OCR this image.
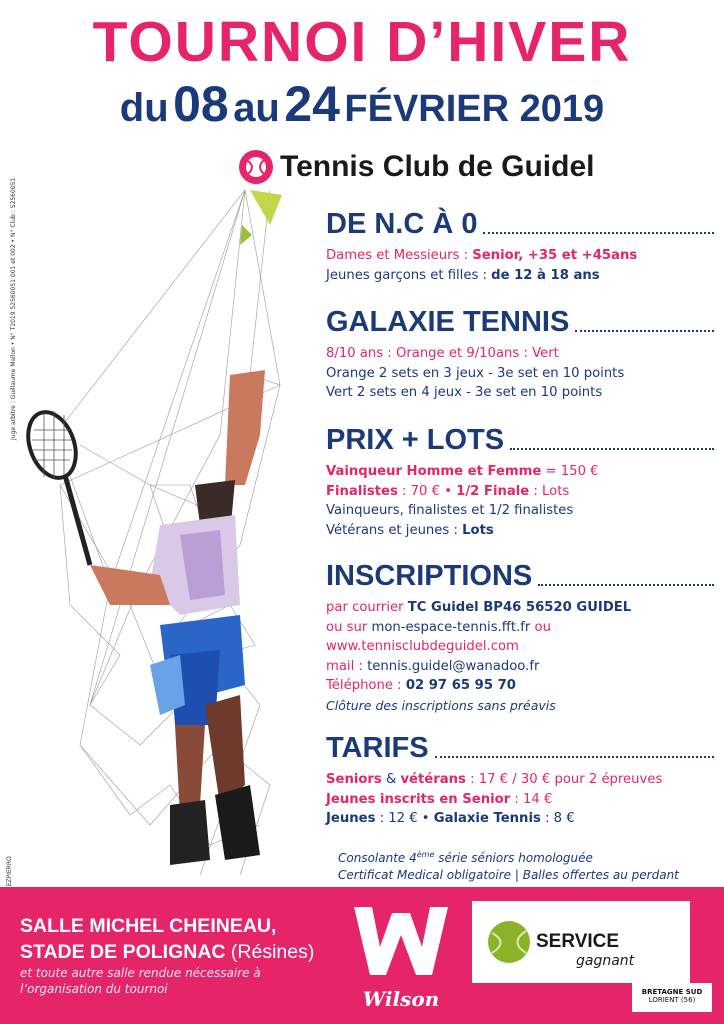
TOURNOI D’HIVER
du 08 au 24 FÉVRIER 2019
Tennis Club de Guidel
Juge arbitre : Guillaume Mallon • N° T2019 52560051 001 et 002 • N° Club : 52560051	DE N.C À 0
Dames et Messieurs : Senior, +35 et +45ans
Jeunes garçons et filles : de 12 à 18 ans
GALAXIE TENNIS
8/10 ans : Orange et 9/10ans : Vert
Orange 2 sets en 3 jeux - 3e set en 10 points
Vert 2 sets en 4 jeux - 3e set en 10 points
PRIX + LOTS
Vainqueur Homme et Femme = 150 €
Finalistes : 70 € • 1/2 Finale : Lots
Vainqueurs, finalistes et 1/2 finalistes
Vétérans et jeunes : Lots
INSCRIPTIONS
par courrier TC Guidel BP46 56520 GUIDEL
ou sur mon-espace-tennis.fft.fr ou
www.tennisclubdeguidel.com
mail : tennis.guidel@wanadoo.fr
Téléphone : 02 97 65 95 70
Clôture des inscriptions sans préavis
TARIFS
Seniors & vétérans : 17 € / 30 € pour 2 épreuves
Jeunes inscrits en Senior : 14 €
Jeunes : 12 € • Galaxie Tennis : 8 €
Consolante 4ème série séniors homologuée
Certificat Medical obligatoire | Balles offertes au perdant
SALLE MICHEL CHEINEAU,
STADE DE POLIGNAC (Résines)
et toute autre salle rendue nécessaire à
l’organisation du tournoi	Wilson
SERVICE
gagnant
BRETAGNE SUD
LORIENT (56)
